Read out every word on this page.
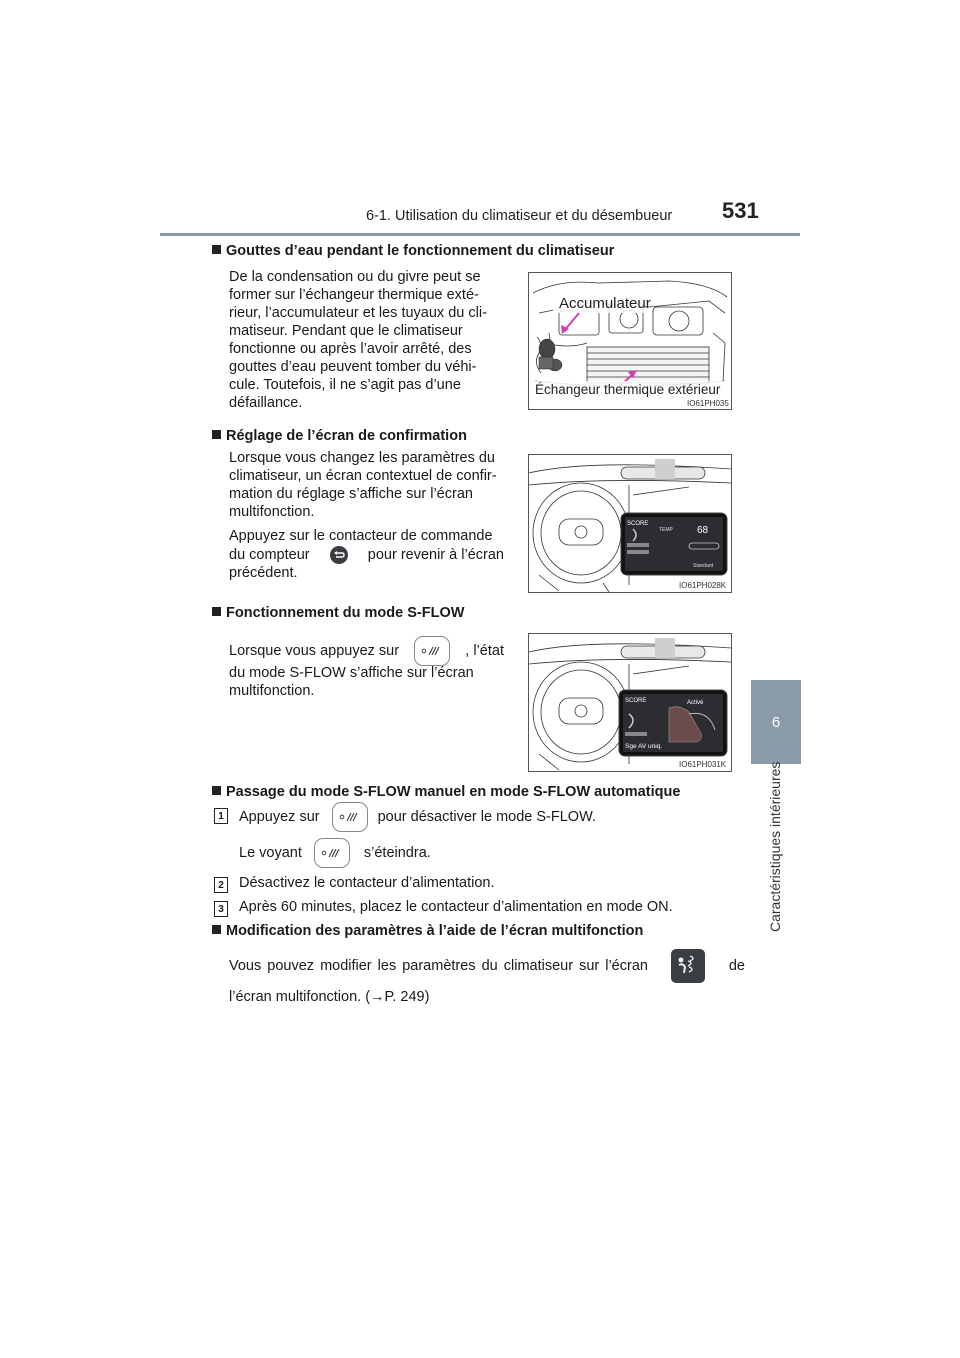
6-1. Utilisation du climatiseur et du désembueur 531
6
Caractéristiques intérieures
Gouttes d’eau pendant le fonctionnement du climatiseur
De la condensation ou du givre peut se
former sur l’échangeur thermique exté-
rieur, l’accumulateur et les tuyaux du cli-
matiseur. Pendant que le climatiseur
fonctionne ou après l’avoir arrêté, des
gouttes d’eau peuvent tomber du véhi-
cule. Toutefois, il ne s’agit pas d’une
défaillance.
Accumulateur
Échangeur thermique extérieur
IO61PH035
Réglage de l’écran de confirmation
Lorsque vous changez les paramètres du
climatiseur, un écran contextuel de confir-
mation du réglage s’affiche sur l’écran
multifonction.
Appuyez sur le contacteur de commande
du compteur	pour revenir à l’écran
précédent.
SCORE
TEMP 68
Standard
IO61PH028K
Fonctionnement du mode S-FLOW
Lorsque vous appuyez sur	, l’état
du mode S-FLOW s’affiche sur l’écran
multifonction.
SCORE	Activé
Sge AV uniq.
IO61PH031K
Passage du mode S-FLOW manuel en mode S-FLOW automatique
1 Appuyez sur	pour désactiver le mode S-FLOW.
Le voyant	s’éteindra.
2 Désactivez le contacteur d’alimentation.
3 Après 60 minutes, placez le contacteur d’alimentation en mode ON.
Modification des paramètres à l’aide de l’écran multifonction
Vous pouvez modifier les paramètres du climatiseur sur l’écran	de
l’écran multifonction. (→P. 249)
